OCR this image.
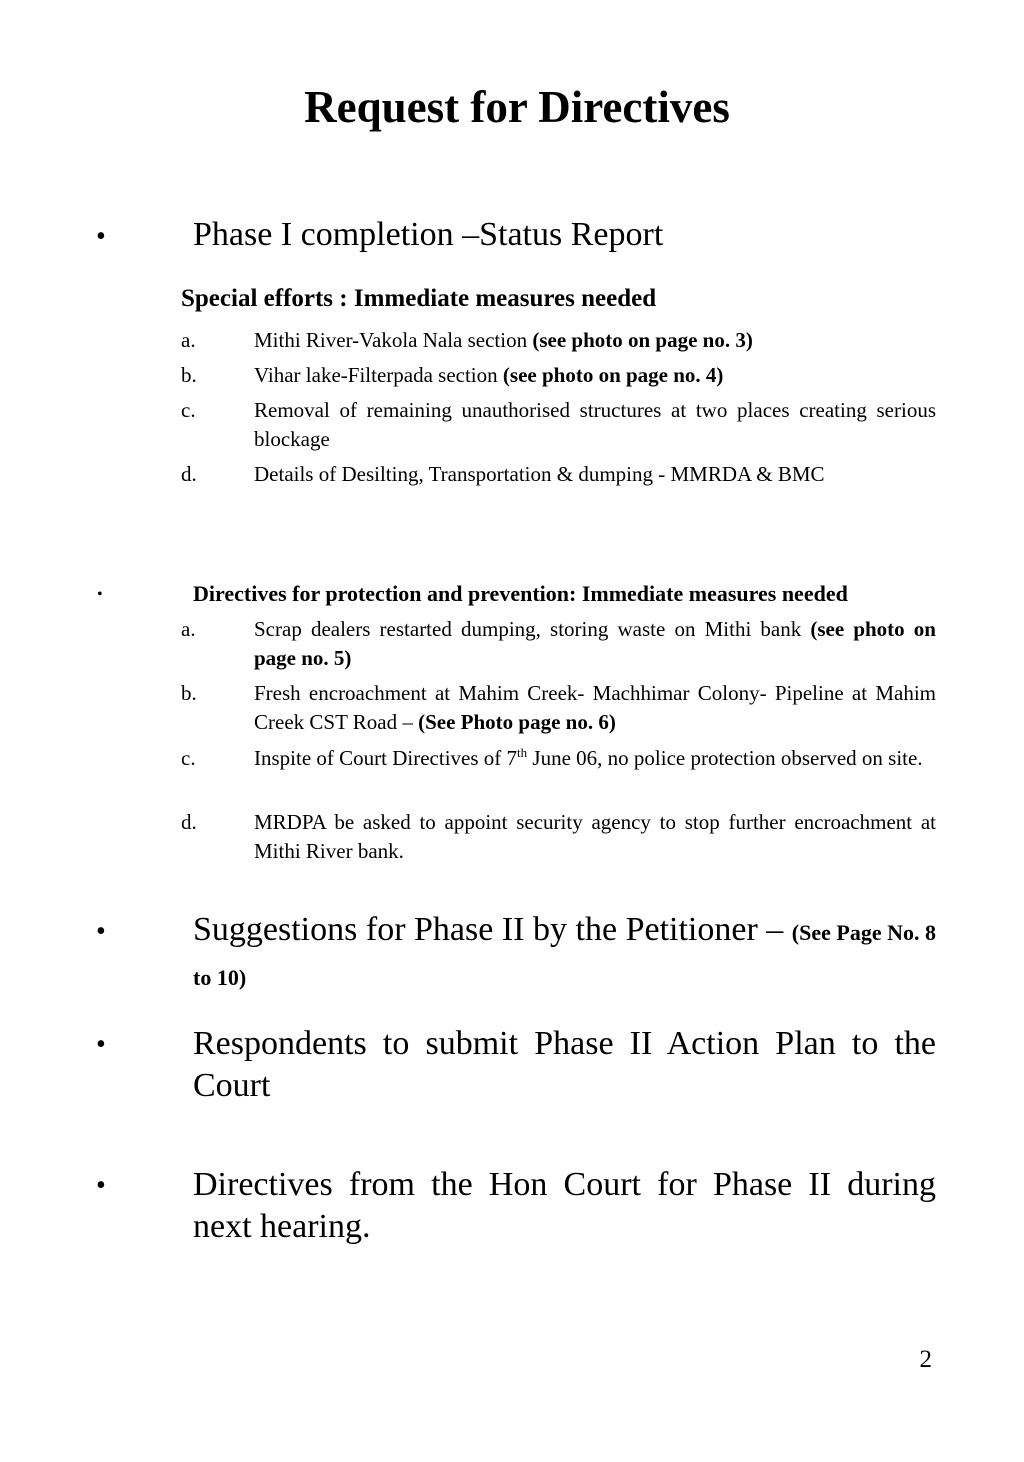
Request for Directives
•	Phase I completion –Status Report
Special efforts : Immediate measures needed
a.	Mithi River-Vakola Nala section (see photo on page no. 3)
b.	Vihar lake-Filterpada section (see photo on page no. 4)
c.	Removal of remaining unauthorised structures at two places creating serious blockage
d.	Details of Desilting, Transportation & dumping - MMRDA & BMC
•	Directives for protection and prevention: Immediate measures needed
a.	Scrap dealers restarted dumping, storing waste on Mithi bank (see photo on page no. 5)
b.	Fresh encroachment at Mahim Creek- Machhimar Colony- Pipeline at Mahim Creek CST Road – (See Photo page no. 6)
c.	Inspite of Court Directives of 7th June 06, no police protection observed on site.
d.	MRDPA be asked to appoint security agency to stop further encroachment at Mithi River bank.
•	Suggestions for Phase II by the Petitioner – (See Page No. 8 to 10)
•	Respondents to submit Phase II Action Plan to the Court
•	Directives from the Hon Court for Phase II during next hearing.
2
